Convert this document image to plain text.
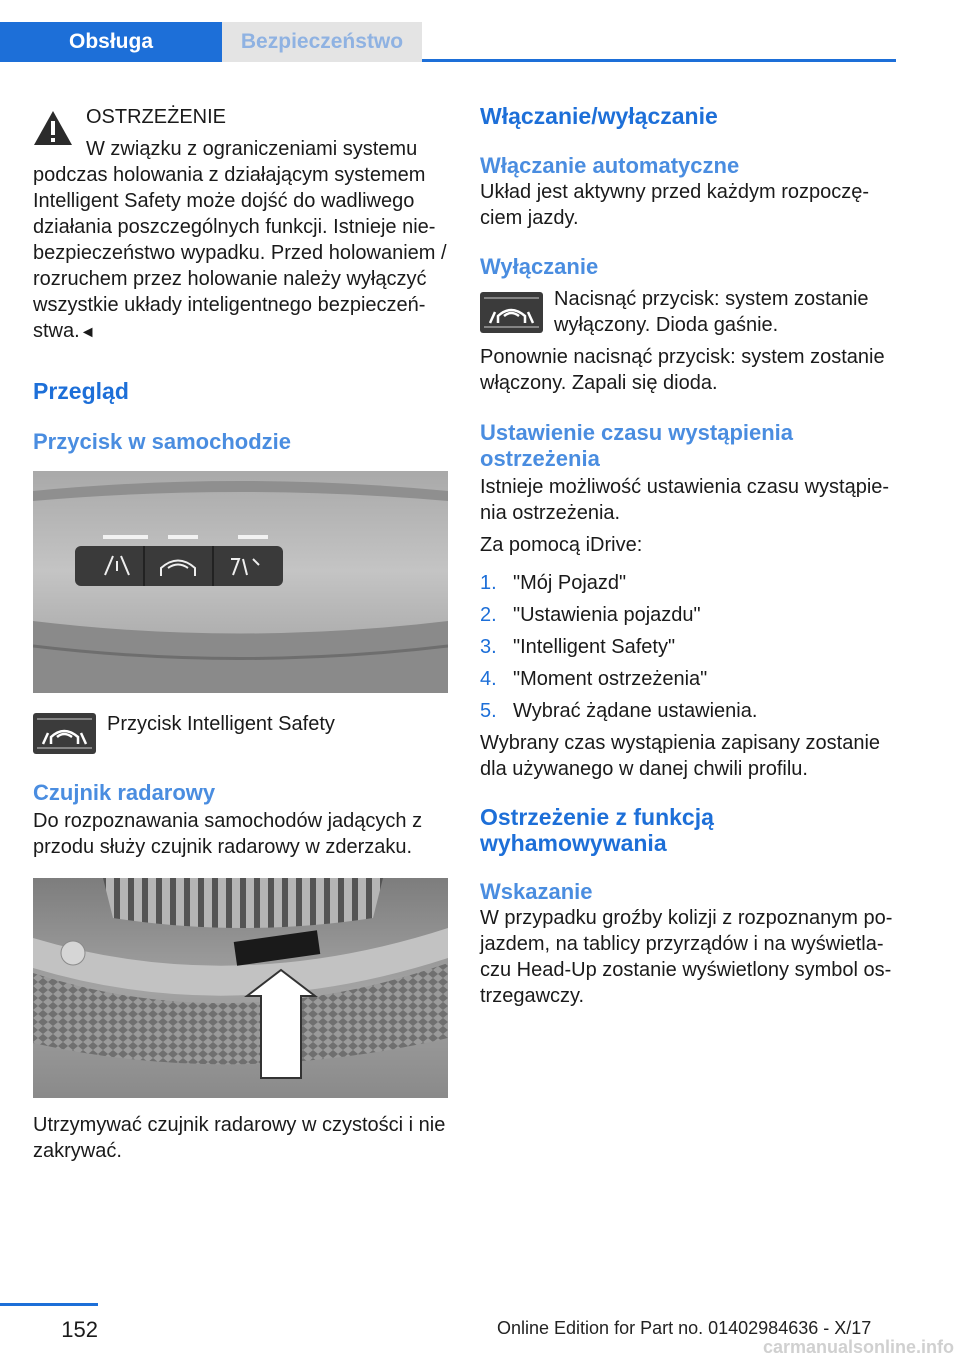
Obsługa	Bezpieczeństwo
OSTRZEŻENIE

W związku z ograniczeniami systemu

podczas holowania z działającym systemem Intelligent Safety może dojść do wadliwego działania poszczególnych funkcji. Istnieje niebezpieczeństwo wypadku. Przed holowaniem / rozruchem przez holowanie należy wyłączyć wszystkie układy inteligentnego bezpieczeństwa.◄

Przegląd
Przycisk w samochodzie

Przycisk Intelligent Safety

Czujnik radarowy

Do rozpoznawania samochodów jadących z przodu służy czujnik radarowy w zderzaku.

Utrzymywać czujnik radarowy w czystości i nie zakrywać.

Włączanie/wyłączanie
Włączanie automatyczne

Układ jest aktywny przed każdym rozpoczęciem jazdy.

Wyłączanie

Nacisnąć przycisk: system zostanie wyłączony. Dioda gaśnie.

Ponownie nacisnąć przycisk: system zostanie włączony. Zapali się dioda.

Ustawienie czasu wystąpienia ostrzeżenia

Istnieje możliwość ustawienia czasu wystąpienia ostrzeżenia.

Za pomocą iDrive:

1. "Mój Pojazd"
2. "Ustawienia pojazdu"
3. "Intelligent Safety"
4. "Moment ostrzeżenia"
5. Wybrać żądane ustawienia.

Wybrany czas wystąpienia zapisany zostanie dla używanego w danej chwili profilu.

Ostrzeżenie z funkcją wyhamowywania
Wskazanie

W przypadku groźby kolizji z rozpoznanym pojazdem, na tablicy przyrządów i na wyświetlaczu Head-Up zostanie wyświetlony symbol ostrzegawczy.

152	Online Edition for Part no. 01402984636 - X/17
carmanualsonline.info
